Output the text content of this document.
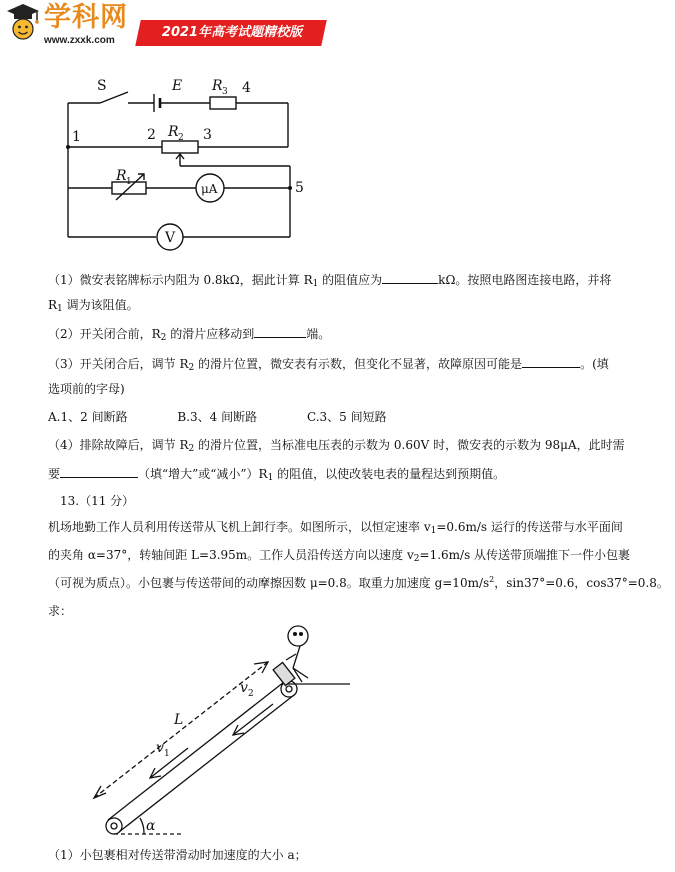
学科网
www.zxxk.com
2021年高考试题精校版
S	E R 3 4
1	2 R 2 3
R 1	μA	5
V
（1）微安表铭牌标示内阻为 0.8kΩ，据此计算 $R_1$ 的阻值应为	kΩ。按照电路图连接电路，并将
$R_1$ 调为该阻值。
（2）开关闭合前，$R_2$ 的滑片应移动到	端。
（3）开关闭合后，调节 $R_2$ 的滑片位置，微安表有示数，但变化不显著，故障原因可能是	。(填
选项前的字母)
A.1、2 间断路	B.3、4 间断路	C.3、5 间短路
（4）排除故障后，调节 $R_2$ 的滑片位置，当标准电压表的示数为 0.60V 时，微安表的示数为 98μA，此时需
要	（填“增大”或“减小$”)R_1$ 的阻值，以使改装电表的量程达到预期值。
13.（11 分）
机场地勤工作人员利用传送带从飞机上卸行李。如图所示，以恒定速率 $v_1=0.6m/s$ 运行的传送带与水平面间
的夹角 α=37°，转轴间距 L=3.95m。工作人员沿传送方向以速度 $v_2=1.6m/s$ 从传送带顶端推下一件小包裹
（可视为质点）。小包裹与传送带间的动摩擦因数 μ=0.8。取重力加速度 $g=10m/s^2$，sin37°=0.6，cos37°=0.8。
求：
L
v 1
v 2
α
（1）小包裹相对传送带滑动时加速度的大小 a；
